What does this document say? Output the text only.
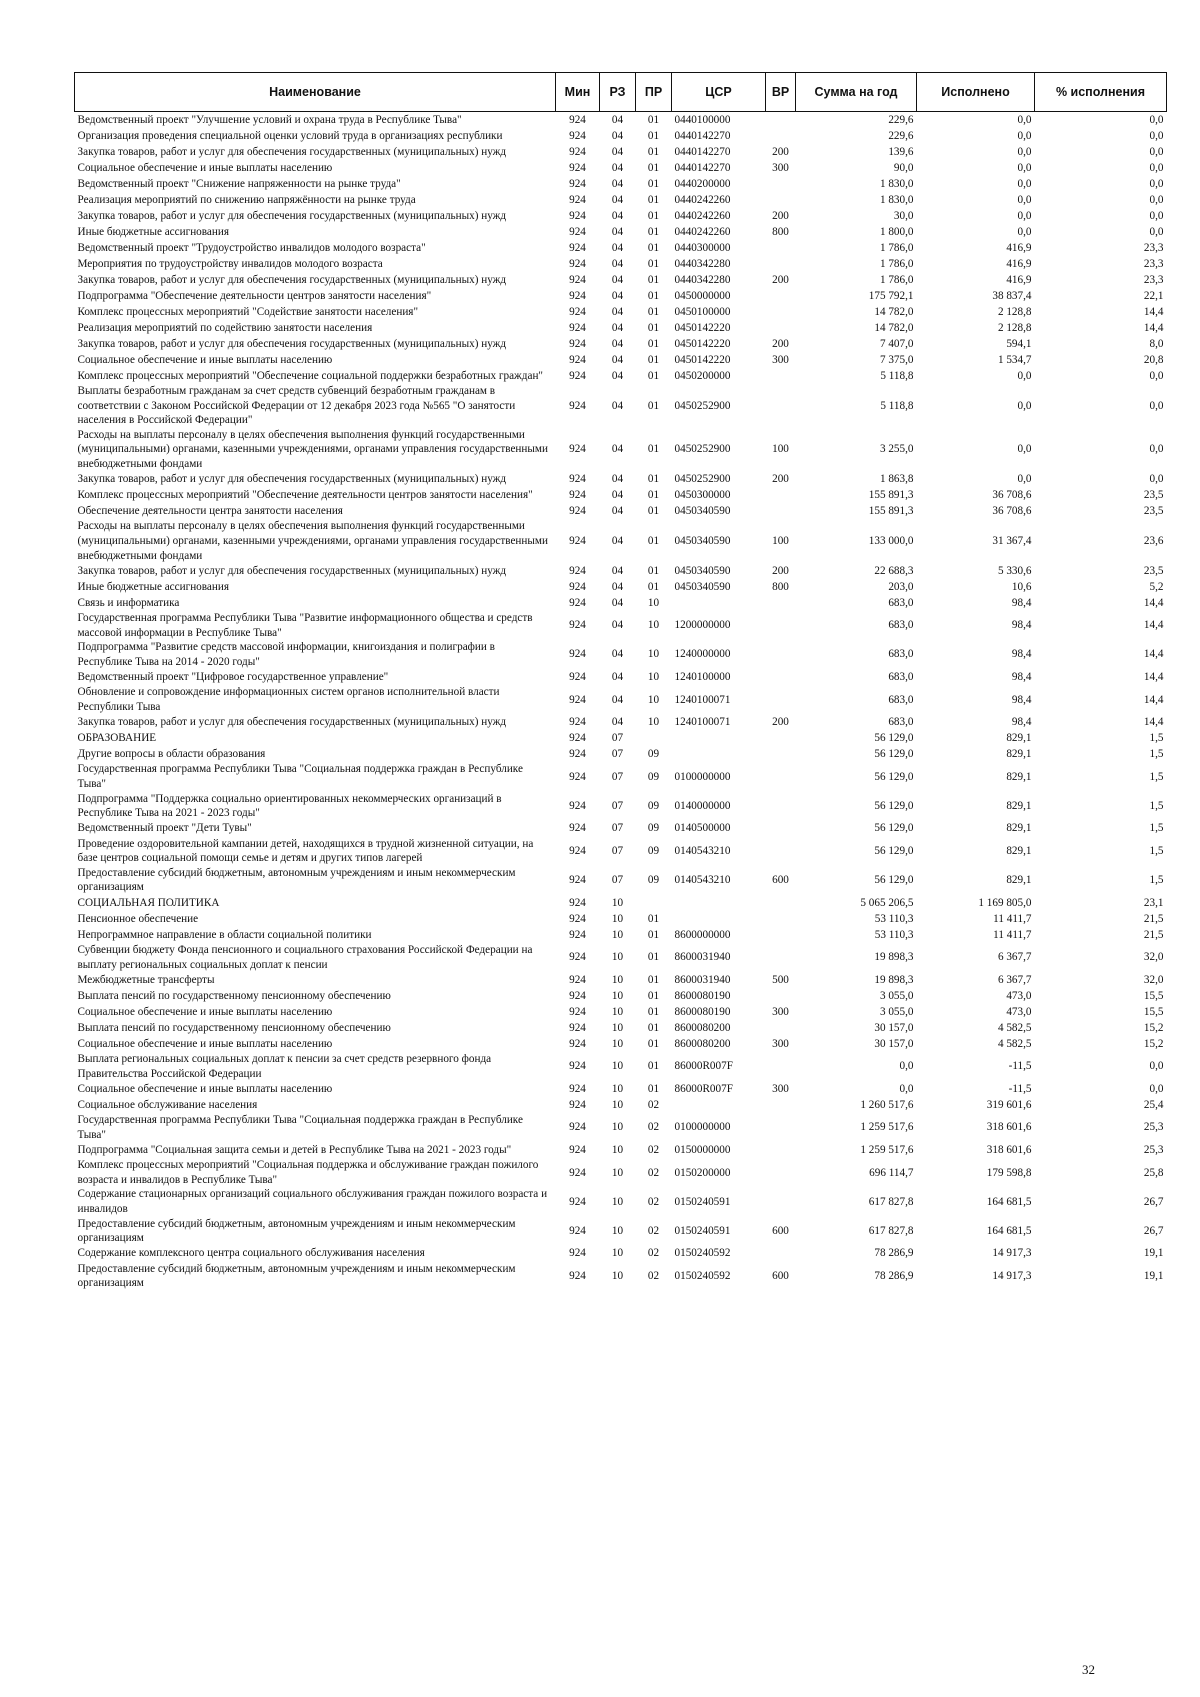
Наименование	Мин	РЗ	ПР	ЦСР	ВР	Сумма на год	Исполнено	% исполнения
Ведомственный проект "Улучшение условий и охрана труда в Республике Тыва"	924	04	01	0440100000		229,6	0,0	0,0
Организация проведения специальной оценки условий труда в организациях республики	924	04	01	0440142270		229,6	0,0	0,0
Закупка товаров, работ и услуг для обеспечения государственных (муниципальных) нужд	924	04	01	0440142270	200	139,6	0,0	0,0
Социальное обеспечение и иные выплаты населению	924	04	01	0440142270	300	90,0	0,0	0,0
Ведомственный проект "Снижение напряженности на рынке труда"	924	04	01	0440200000		1 830,0	0,0	0,0
Реализация мероприятий по снижению напряжённости на рынке труда	924	04	01	0440242260		1 830,0	0,0	0,0
Закупка товаров, работ и услуг для обеспечения государственных (муниципальных) нужд	924	04	01	0440242260	200	30,0	0,0	0,0
Иные бюджетные ассигнования	924	04	01	0440242260	800	1 800,0	0,0	0,0
Ведомственный проект "Трудоустройство инвалидов молодого возраста"	924	04	01	0440300000		1 786,0	416,9	23,3
Мероприятия по трудоустройству инвалидов молодого возраста	924	04	01	0440342280		1 786,0	416,9	23,3
Закупка товаров, работ и услуг для обеспечения государственных (муниципальных) нужд	924	04	01	0440342280	200	1 786,0	416,9	23,3
Подпрограмма "Обеспечение деятельности центров занятости населения"	924	04	01	0450000000		175 792,1	38 837,4	22,1
Комплекс процессных мероприятий "Содействие занятости населения"	924	04	01	0450100000		14 782,0	2 128,8	14,4
Реализация мероприятий по содействию занятости населения	924	04	01	0450142220		14 782,0	2 128,8	14,4
Закупка товаров, работ и услуг для обеспечения государственных (муниципальных) нужд	924	04	01	0450142220	200	7 407,0	594,1	8,0
Социальное обеспечение и иные выплаты населению	924	04	01	0450142220	300	7 375,0	1 534,7	20,8
Комплекс процессных мероприятий "Обеспечение социальной поддержки безработных граждан"	924	04	01	0450200000		5 118,8	0,0	0,0
Выплаты безработным гражданам за счет средств субвенций безработным гражданам в соответствии с Законом Российской Федерации от 12 декабря 2023 года №565 "О занятости населения в Российской Федерации"	924	04	01	0450252900		5 118,8	0,0	0,0
Расходы на выплаты персоналу в целях обеспечения выполнения функций государственными (муниципальными) органами, казенными учреждениями, органами управления государственными внебюджетными фондами	924	04	01	0450252900	100	3 255,0	0,0	0,0
Закупка товаров, работ и услуг для обеспечения государственных (муниципальных) нужд	924	04	01	0450252900	200	1 863,8	0,0	0,0
Комплекс процессных мероприятий "Обеспечение деятельности центров занятости населения"	924	04	01	0450300000		155 891,3	36 708,6	23,5
Обеспечение деятельности центра занятости населения	924	04	01	0450340590		155 891,3	36 708,6	23,5
Расходы на выплаты персоналу в целях обеспечения выполнения функций государственными (муниципальными) органами, казенными учреждениями, органами управления государственными внебюджетными фондами	924	04	01	0450340590	100	133 000,0	31 367,4	23,6
Закупка товаров, работ и услуг для обеспечения государственных (муниципальных) нужд	924	04	01	0450340590	200	22 688,3	5 330,6	23,5
Иные бюджетные ассигнования	924	04	01	0450340590	800	203,0	10,6	5,2
Связь и информатика	924	04	10			683,0	98,4	14,4
Государственная программа Республики Тыва "Развитие информационного общества и средств массовой информации в Республике Тыва"	924	04	10	1200000000		683,0	98,4	14,4
Подпрограмма "Развитие средств массовой информации, книгоиздания и полиграфии в Республике Тыва на 2014 - 2020 годы"	924	04	10	1240000000		683,0	98,4	14,4
Ведомственный проект "Цифровое государственное управление"	924	04	10	1240100000		683,0	98,4	14,4
Обновление и сопровождение информационных систем органов исполнительной власти Республики Тыва	924	04	10	1240100071		683,0	98,4	14,4
Закупка товаров, работ и услуг для обеспечения государственных (муниципальных) нужд	924	04	10	1240100071	200	683,0	98,4	14,4
ОБРАЗОВАНИЕ	924	07				56 129,0	829,1	1,5
Другие вопросы в области образования	924	07	09			56 129,0	829,1	1,5
Государственная программа Республики Тыва "Социальная поддержка граждан в Республике Тыва"	924	07	09	0100000000		56 129,0	829,1	1,5
Подпрограмма "Поддержка социально ориентированных некоммерческих организаций в Республике Тыва на 2021 - 2023 годы"	924	07	09	0140000000		56 129,0	829,1	1,5
Ведомственный проект "Дети Тувы"	924	07	09	0140500000		56 129,0	829,1	1,5
Проведение оздоровительной кампании детей, находящихся в трудной жизненной ситуации, на базе центров социальной помощи семье и детям и других типов лагерей	924	07	09	0140543210		56 129,0	829,1	1,5
Предоставление субсидий бюджетным, автономным учреждениям и иным некоммерческим организациям	924	07	09	0140543210	600	56 129,0	829,1	1,5
СОЦИАЛЬНАЯ ПОЛИТИКА	924	10				5 065 206,5	1 169 805,0	23,1
Пенсионное обеспечение	924	10	01			53 110,3	11 411,7	21,5
Непрограммное направление в области социальной политики	924	10	01	8600000000		53 110,3	11 411,7	21,5
Субвенции бюджету Фонда пенсионного и социального страхования Российской Федерации на выплату региональных социальных доплат к пенсии	924	10	01	8600031940		19 898,3	6 367,7	32,0
Межбюджетные трансферты	924	10	01	8600031940	500	19 898,3	6 367,7	32,0
Выплата пенсий по государственному пенсионному обеспечению	924	10	01	8600080190		3 055,0	473,0	15,5
Социальное обеспечение и иные выплаты населению	924	10	01	8600080190	300	3 055,0	473,0	15,5
Выплата пенсий по государственному пенсионному обеспечению	924	10	01	8600080200		30 157,0	4 582,5	15,2
Социальное обеспечение и иные выплаты населению	924	10	01	8600080200	300	30 157,0	4 582,5	15,2
Выплата региональных социальных доплат к пенсии за счет средств резервного фонда Правительства Российской Федерации	924	10	01	86000R007F		0,0	-11,5	0,0
Социальное обеспечение и иные выплаты населению	924	10	01	86000R007F	300	0,0	-11,5	0,0
Социальное обслуживание населения	924	10	02			1 260 517,6	319 601,6	25,4
Государственная программа Республики Тыва "Социальная поддержка граждан в Республике Тыва"	924	10	02	0100000000		1 259 517,6	318 601,6	25,3
Подпрограмма "Социальная защита семьи и детей в Республике Тыва на 2021 - 2023 годы"	924	10	02	0150000000		1 259 517,6	318 601,6	25,3
Комплекс процессных мероприятий "Социальная поддержка и обслуживание граждан пожилого возраста и инвалидов в Республике Тыва"	924	10	02	0150200000		696 114,7	179 598,8	25,8
Содержание стационарных организаций социального обслуживания граждан пожилого возраста и инвалидов	924	10	02	0150240591		617 827,8	164 681,5	26,7
Предоставление субсидий бюджетным, автономным учреждениям и иным некоммерческим организациям	924	10	02	0150240591	600	617 827,8	164 681,5	26,7
Содержание комплексного центра социального обслуживания населения	924	10	02	0150240592		78 286,9	14 917,3	19,1
Предоставление субсидий бюджетным, автономным учреждениям и иным некоммерческим организациям	924	10	02	0150240592	600	78 286,9	14 917,3	19,1
32
